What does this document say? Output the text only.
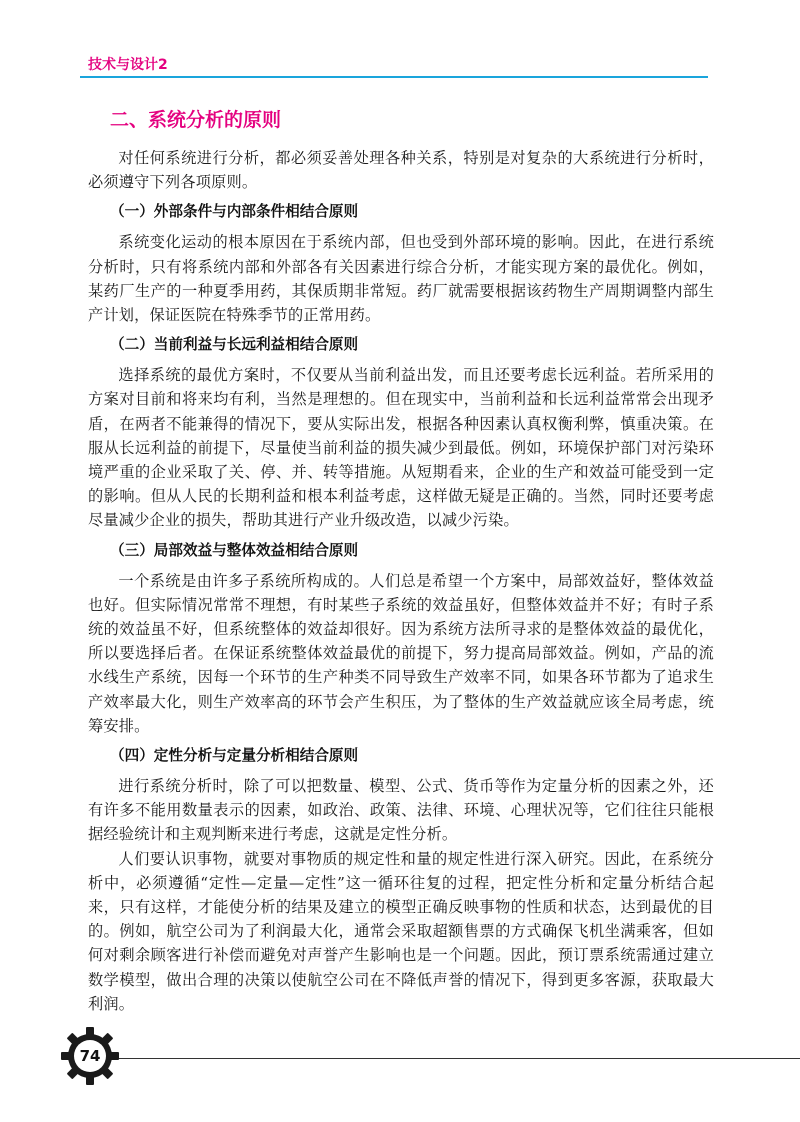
技术与设计2
二、系统分析的原则

对任何系统进行分析，都必须妥善处理各种关系，特别是对复杂的大系统进行分析时，必须遵守下列各项原则。

（一）外部条件与内部条件相结合原则

系统变化运动的根本原因在于系统内部，但也受到外部环境的影响。因此，在进行系统分析时，只有将系统内部和外部各有关因素进行综合分析，才能实现方案的最优化。例如，某药厂生产的一种夏季用药，其保质期非常短。药厂就需要根据该药物生产周期调整内部生产计划，保证医院在特殊季节的正常用药。

（二）当前利益与长远利益相结合原则

选择系统的最优方案时，不仅要从当前利益出发，而且还要考虑长远利益。若所采用的方案对目前和将来均有利，当然是理想的。但在现实中，当前利益和长远利益常常会出现矛盾，在两者不能兼得的情况下，要从实际出发，根据各种因素认真权衡利弊，慎重决策。在服从长远利益的前提下，尽量使当前利益的损失减少到最低。例如，环境保护部门对污染环境严重的企业采取了关、停、并、转等措施。从短期看来，企业的生产和效益可能受到一定的影响。但从人民的长期利益和根本利益考虑，这样做无疑是正确的。当然，同时还要考虑尽量减少企业的损失，帮助其进行产业升级改造，以减少污染。

（三）局部效益与整体效益相结合原则

一个系统是由许多子系统所构成的。人们总是希望一个方案中，局部效益好，整体效益也好。但实际情况常常不理想，有时某些子系统的效益虽好，但整体效益并不好；有时子系统的效益虽不好，但系统整体的效益却很好。因为系统方法所寻求的是整体效益的最优化，所以要选择后者。在保证系统整体效益最优的前提下，努力提高局部效益。例如，产品的流水线生产系统，因每一个环节的生产种类不同导致生产效率不同，如果各环节都为了追求生产效率最大化，则生产效率高的环节会产生积压，为了整体的生产效益就应该全局考虑，统筹安排。

（四）定性分析与定量分析相结合原则

进行系统分析时，除了可以把数量、模型、公式、货币等作为定量分析的因素之外，还有许多不能用数量表示的因素，如政治、政策、法律、环境、心理状况等，它们往往只能根据经验统计和主观判断来进行考虑，这就是定性分析。

人们要认识事物，就要对事物质的规定性和量的规定性进行深入研究。因此，在系统分析中，必须遵循“定性—定量—定性”这一循环往复的过程，把定性分析和定量分析结合起来，只有这样，才能使分析的结果及建立的模型正确反映事物的性质和状态，达到最优的目的。例如，航空公司为了利润最大化，通常会采取超额售票的方式确保飞机坐满乘客，但如何对剩余顾客进行补偿而避免对声誉产生影响也是一个问题。因此，预订票系统需通过建立数学模型，做出合理的决策以使航空公司在不降低声誉的情况下，得到更多客源，获取最大利润。

74
